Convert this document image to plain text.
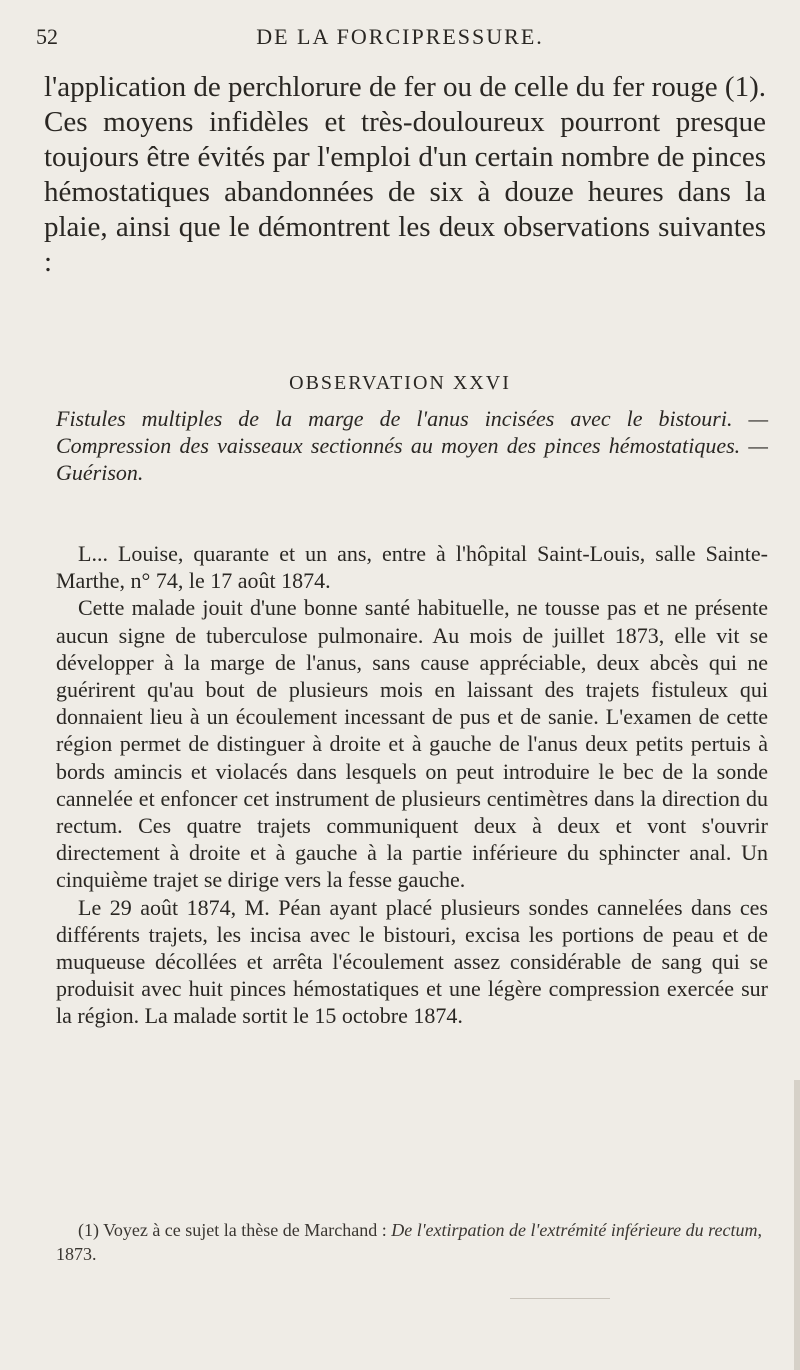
52	DE LA FORCIPRESSURE.

l'application de perchlorure de fer ou de celle du fer rouge (1). Ces moyens infidèles et très-douloureux pourront presque toujours être évités par l'emploi d'un certain nombre de pinces hémostatiques abandonnées de six à douze heures dans la plaie, ainsi que le démontrent les deux observations suivantes :

OBSERVATION XXVI

Fistules multiples de la marge de l'anus incisées avec le bistouri. — Compression des vaisseaux sectionnés au moyen des pinces hémostatiques. — Guérison.

L... Louise, quarante et un ans, entre à l'hôpital Saint-Louis, salle Sainte-Marthe, n° 74, le 17 août 1874.

Cette malade jouit d'une bonne santé habituelle, ne tousse pas et ne présente aucun signe de tuberculose pulmonaire. Au mois de juillet 1873, elle vit se développer à la marge de l'anus, sans cause appréciable, deux abcès qui ne guérirent qu'au bout de plusieurs mois en laissant des trajets fistuleux qui donnaient lieu à un écoulement incessant de pus et de sanie. L'examen de cette région permet de distinguer à droite et à gauche de l'anus deux petits pertuis à bords amincis et violacés dans lesquels on peut introduire le bec de la sonde cannelée et enfoncer cet instrument de plusieurs centimètres dans la direction du rectum. Ces quatre trajets communiquent deux à deux et vont s'ouvrir directement à droite et à gauche à la partie inférieure du sphincter anal. Un cinquième trajet se dirige vers la fesse gauche.

Le 29 août 1874, M. Péan ayant placé plusieurs sondes cannelées dans ces différents trajets, les incisa avec le bistouri, excisa les portions de peau et de muqueuse décollées et arrêta l'écoulement assez considérable de sang qui se produisit avec huit pinces hémostatiques et une légère compression exercée sur la région. La malade sortit le 15 octobre 1874.

(1) Voyez à ce sujet la thèse de Marchand : De l'extirpation de l'extrémité inférieure du rectum, 1873.
